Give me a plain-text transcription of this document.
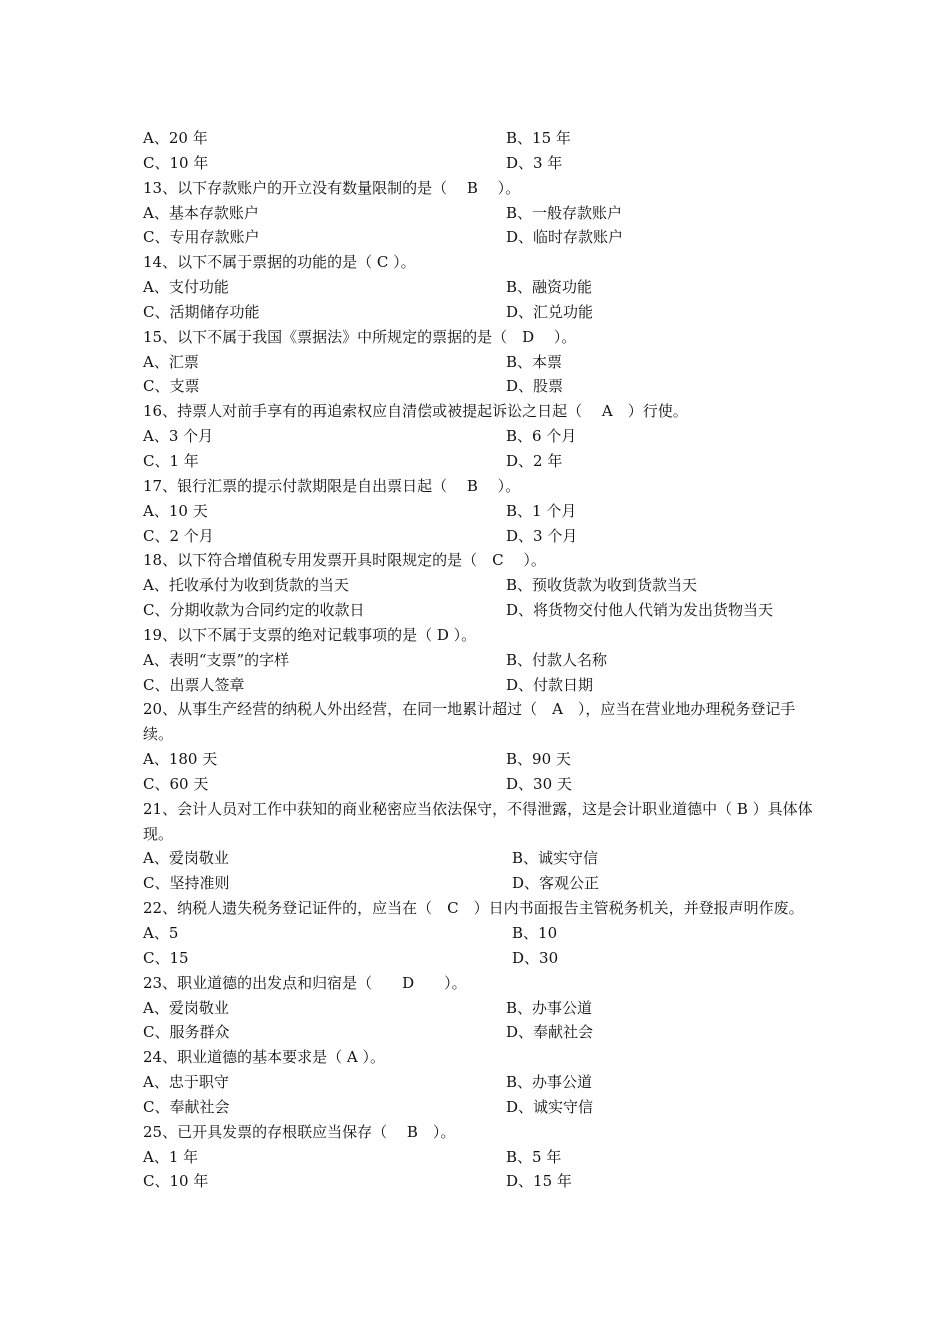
A、20 年	B、15 年
C、10 年	D、3 年
13、以下存款账户的开立没有数量限制的是（　 B　 ）。
A、基本存款账户	B、一般存款账户
C、专用存款账户	D、临时存款账户
14、以下不属于票据的功能的是（ C ）。
A、支付功能	B、融资功能
C、活期储存功能	D、汇兑功能
15、以下不属于我国《票据法》中所规定的票据的是（　D　 ）。
A、汇票	B、本票
C、支票	D、股票
16、持票人对前手享有的再追索权应自清偿或被提起诉讼之日起（　 A　）行使。
A、3 个月	B、6 个月
C、1 年	D、2 年
17、银行汇票的提示付款期限是自出票日起（　 B　 ）。
A、10 天	B、1 个月
C、2 个月	D、3 个月
18、以下符合增值税专用发票开具时限规定的是（　C　 ）。
A、托收承付为收到货款的当天	B、预收货款为收到货款当天
C、分期收款为合同约定的收款日	D、将货物交付他人代销为发出货物当天
19、以下不属于支票的绝对记载事项的是（ D ）。
A、表明“支票”的字样	B、付款人名称
C、出票人签章	D、付款日期
20、从事生产经营的纳税人外出经营，在同一地累计超过（　A　），应当在营业地办理税务登记手续。
A、180 天	B、90 天
C、60 天	D、30 天
21、会计人员对工作中获知的商业秘密应当依法保守，不得泄露，这是会计职业道德中（ B ）具体体现。
A、爱岗敬业	B、诚实守信
C、坚持准则	D、客观公正
22、纳税人遗失税务登记证件的，应当在（　C　）日内书面报告主管税务机关，并登报声明作废。
A、5	B、10
C、15	D、30
23、职业道德的出发点和归宿是（　　D　　）。
A、爱岗敬业	B、办事公道
C、服务群众	D、奉献社会
24、职业道德的基本要求是（ A ）。
A、忠于职守	B、办事公道
C、奉献社会	D、诚实守信
25、已开具发票的存根联应当保存（　 B　）。
A、1 年	B、5 年
C、10 年	D、15 年
